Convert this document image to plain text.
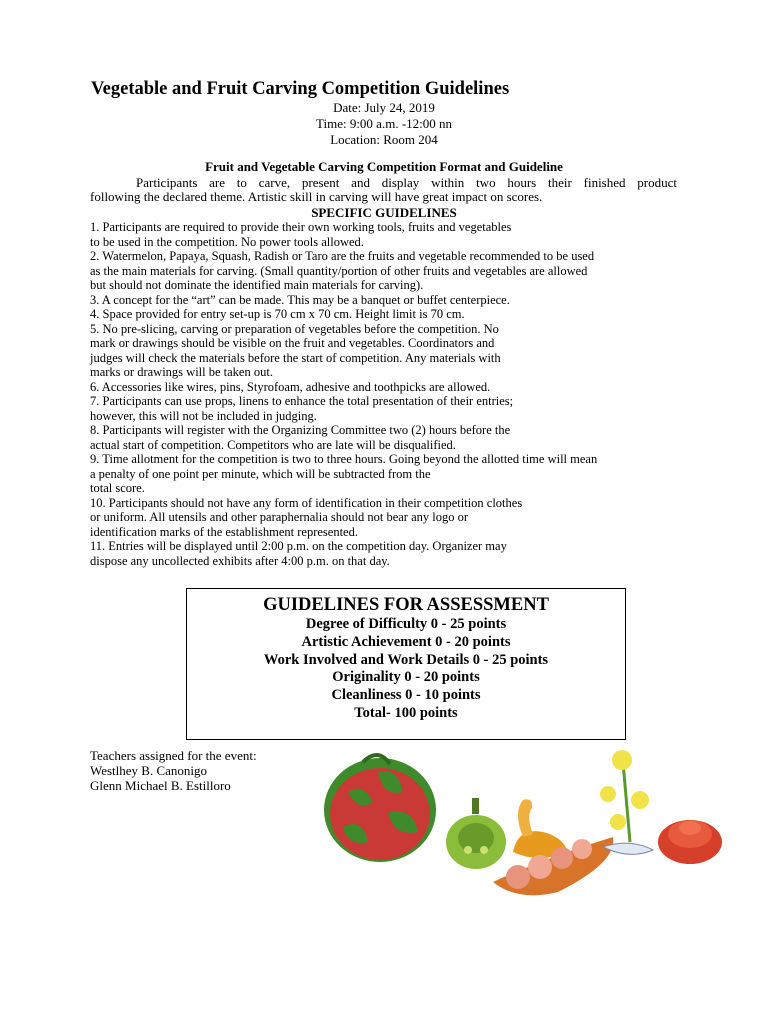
Vegetable and Fruit Carving Competition Guidelines
Date: July 24, 2019
Time: 9:00 a.m. -12:00 nn
Location: Room 204
Fruit and Vegetable Carving Competition Format and Guideline
Participants are to carve, present and display within two hours their finished product
following the declared theme. Artistic skill in carving will have great impact on scores.
SPECIFIC GUIDELINES
1. Participants are required to provide their own working tools, fruits and vegetables
to be used in the competition. No power tools allowed.
2. Watermelon, Papaya, Squash, Radish or Taro are the fruits and vegetable recommended to be used
as the main materials for carving. (Small quantity/portion of other fruits and vegetables are allowed
but should not dominate the identified main materials for carving).
3. A concept for the “art” can be made. This may be a banquet or buffet centerpiece.
4. Space provided for entry set-up is 70 cm x 70 cm. Height limit is 70 cm.
5. No pre-slicing, carving or preparation of vegetables before the competition. No
mark or drawings should be visible on the fruit and vegetables. Coordinators and
judges will check the materials before the start of competition. Any materials with
marks or drawings will be taken out.
6. Accessories like wires, pins, Styrofoam, adhesive and toothpicks are allowed.
7. Participants can use props, linens to enhance the total presentation of their entries;
however, this will not be included in judging.
8. Participants will register with the Organizing Committee two (2) hours before the
actual start of competition. Competitors who are late will be disqualified.
9. Time allotment for the competition is two to three hours. Going beyond the allotted time will mean
a penalty of one point per minute, which will be subtracted from the
total score.
10. Participants should not have any form of identification in their competition clothes
or uniform. All utensils and other paraphernalia should not bear any logo or
identification marks of the establishment represented.
11. Entries will be displayed until 2:00 p.m. on the competition day. Organizer may
dispose any uncollected exhibits after 4:00 p.m. on that day.
GUIDELINES FOR ASSESSMENT
Degree of Difficulty 0 - 25 points
Artistic Achievement 0 - 20 points
Work Involved and Work Details 0 - 25 points
Originality 0 - 20 points
Cleanliness 0 - 10 points
Total- 100 points
Teachers assigned for the event:
Westlhey B. Canonigo
Glenn Michael B. Estilloro
